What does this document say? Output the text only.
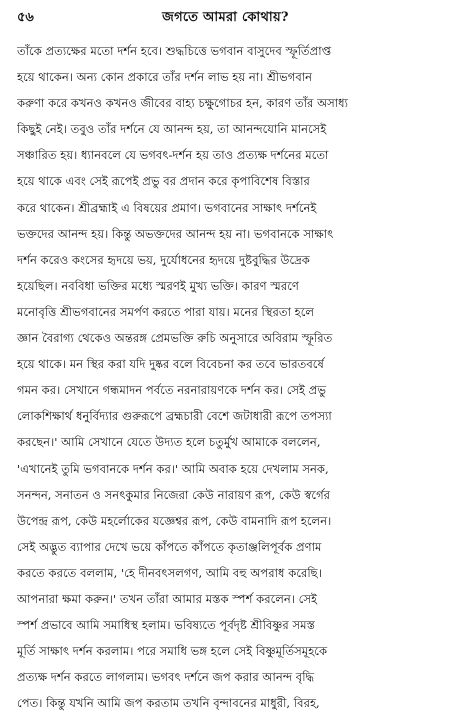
৫৬	জগতে আমরা কোথায়?
তাঁকে প্রত্যক্ষের মতো দর্শন হবে। শুদ্ধচিত্তে ভগবান বাসুদেব স্ফূর্তিপ্রাপ্ত
হয়ে থাকেন। অন্য কোন প্রকারে তাঁর দর্শন লাভ হয় না। শ্রীভগবান
করুণা করে কখনও কখনও জীবের বাহ্য চক্ষুগোচর হন, কারণ তাঁর অসাধ্য
কিছুই নেই। তবুও তাঁর দর্শনে যে আনন্দ হয়, তা আনন্দযোনি মানসেই
সঞ্চারিত হয়। ধ্যানবলে যে ভগবৎ-দর্শন হয় তাও প্রত্যক্ষ দর্শনের মতো
হয়ে থাকে এবং সেই রূপেই প্রভু বর প্রদান করে কৃপাবিশেষ বিস্তার
করে থাকেন। শ্রীব্রহ্মাই এ বিষয়ের প্রমাণ। ভগবানের সাক্ষাৎ দর্শনেই
ভক্তদের আনন্দ হয়। কিন্তু অভক্তদের আনন্দ হয় না। ভগবানকে সাক্ষাৎ
দর্শন করেও কংসের হৃদয়ে ভয়, দুর্যোধনের হৃদয়ে দুষ্টবুদ্ধির উদ্রেক
হয়েছিল। নববিধা ভক্তির মধ্যে স্মরণই মুখ্য ভক্তি। কারণ স্মরণে
মনোবৃত্তি শ্রীভগবানের সমর্পণ করতে পারা যায়। মনের স্থিরতা হলে
জ্ঞান বৈরাগ্য থেকেও অন্তরঙ্গ প্রেমভক্তি রুচি অনুসারে অবিরাম স্ফূরিত
হয়ে থাকে। মন স্থির করা যদি দুষ্কর বলে বিবেচনা কর তবে ভারতবর্ষে
গমন কর। সেখানে গন্ধমাদন পর্বতে নরনারায়ণকে দর্শন কর। সেই প্রভু
লোকশিক্ষার্থ ধনুর্বিদ্যার গুরুরূপে ব্রহ্মচারী বেশে জটাধারী রূপে তপস্যা
করছেন।' আমি সেখানে যেতে উদ্যত হলে চতুর্মুখ আমাকে বললেন,
'এখানেই তুমি ভগবানকে দর্শন কর।' আমি অবাক হয়ে দেখলাম সনক,
সনন্দন, সনাতন ও সনৎকুমার নিজেরা কেউ নারায়ণ রূপ, কেউ স্বর্গের
উপেন্দ্র রূপ, কেউ মহর্লোকের যজ্ঞেশ্বর রূপ, কেউ বামনাদি রূপ হলেন।
সেই অদ্ভুত ব্যাপার দেখে ভয়ে কাঁপতে কাঁপতে কৃতাঞ্জলিপূর্বক প্রণাম
করতে করতে বললাম, 'হে দীনবৎসলগণ, আমি বহু অপরাধ করেছি।
আপনারা ক্ষমা করুন।' তখন তাঁরা আমার মস্তক স্পর্শ করলেন। সেই
স্পর্শ প্রভাবে আমি সমাধিস্থ হলাম। ভবিষ্যতে পূর্বদৃষ্ট শ্রীবিষ্ণুর সমস্ত
মূর্তি সাক্ষাৎ দর্শন করলাম। পরে সমাধি ভঙ্গ হলে সেই বিষ্ণুমূর্তিসমূহকে
প্রত্যক্ষ দর্শন করতে লাগলাম। ভগবৎ দর্শনে জপ করার আনন্দ বৃদ্ধি
পেত। কিন্তু যখনি আমি জপ করতাম তখনি বৃন্দাবনের মাধুরী, বিরহ,
